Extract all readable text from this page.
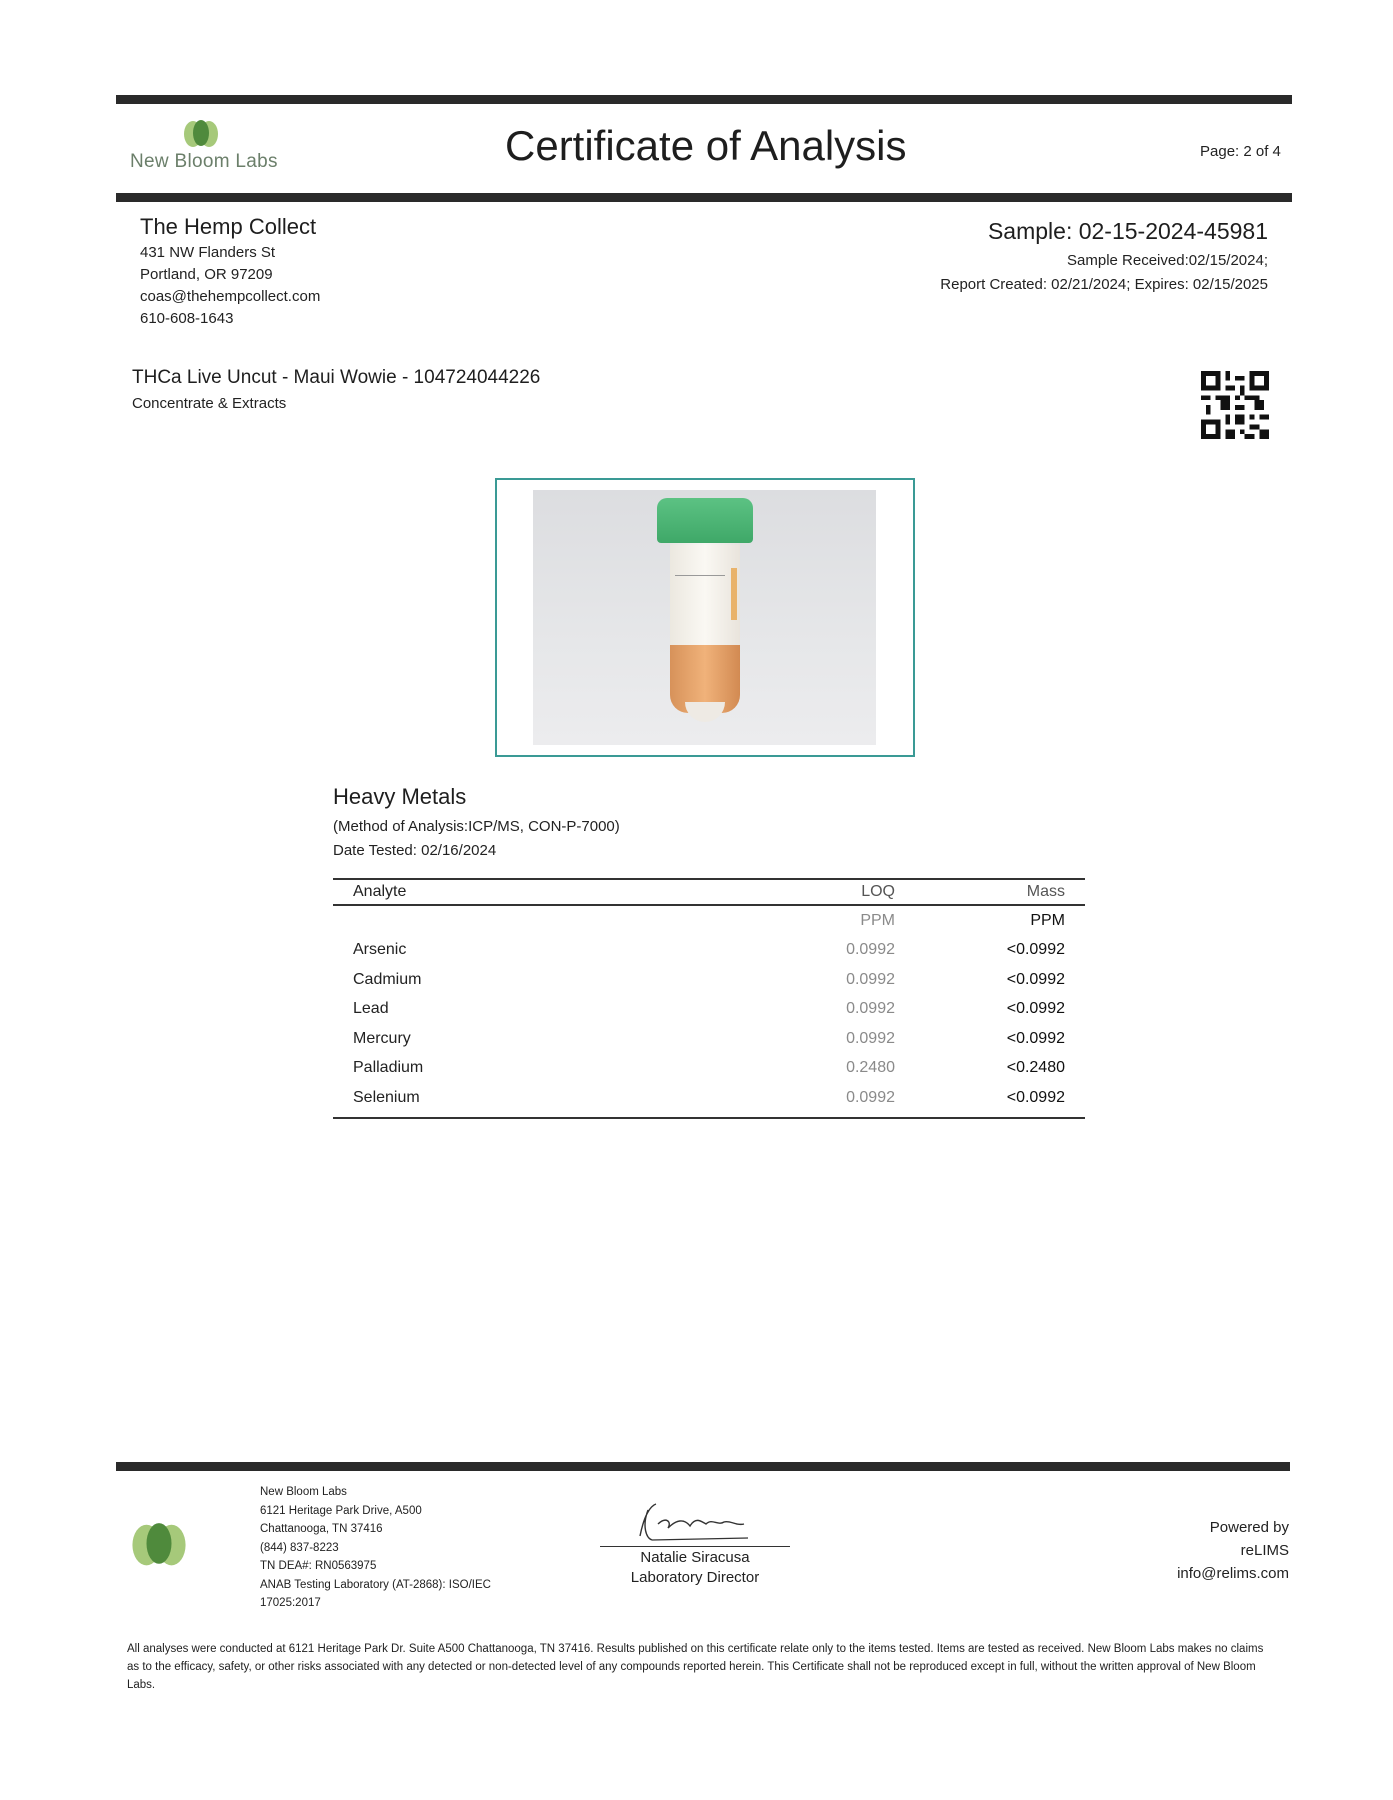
New Bloom Labs	Certificate of Analysis	Page: 2 of 4
The Hemp Collect
431 NW Flanders St
Portland, OR 97209
coas@thehempcollect.com
610-608-1643
Sample: 02-15-2024-45981
Sample Received:02/15/2024;
Report Created: 02/21/2024; Expires: 02/15/2025
THCa Live Uncut - Maui Wowie - 104724044226
Concentrate & Extracts
Heavy Metals
(Method of Analysis:ICP/MS, CON-P-7000)
Date Tested: 02/16/2024
Analyte	LOQ	Mass
	PPM	PPM
Arsenic	0.0992	<0.0992
Cadmium	0.0992	<0.0992
Lead	0.0992	<0.0992
Mercury	0.0992	<0.0992
Palladium	0.2480	<0.2480
Selenium	0.0992	<0.0992
New Bloom Labs
6121 Heritage Park Drive, A500
Chattanooga, TN 37416
(844) 837-8223
TN DEA#: RN0563975
ANAB Testing Laboratory (AT-2868): ISO/IEC
17025:2017
Natalie Siracusa
Laboratory Director
Powered by
reLIMS
info@relims.com
All analyses were conducted at 6121 Heritage Park Dr. Suite A500 Chattanooga, TN 37416. Results published on this certificate relate only to the items tested. Items are tested as received. New Bloom Labs makes no claims as to the efficacy, safety, or other risks associated with any detected or non-detected level of any compounds reported herein. This Certificate shall not be reproduced except in full, without the written approval of New Bloom Labs.
